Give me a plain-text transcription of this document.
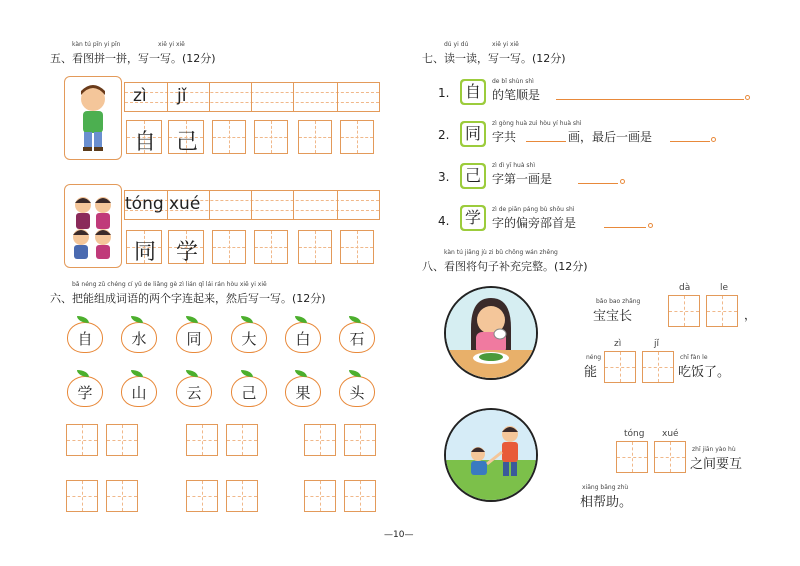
kàn tú pīn yi pīn	xiě yi xiě
五、看图拼一拼，写一写。(12分)
zì jǐ
自 己
tóng xué
同 学
bǎ néng zǔ chéng cí yǔ de liǎng gè zì lián qǐ lái rán hòu xiě yi xiě
六、把能组成词语的两个字连起来，然后写一写。(12分)
自	水	同	大	白	石
学	山	云	己	果	头
dú yi dú	xiě yi xiě
七、读一读，写一写。(12分)
1. 自
de bǐ shùn shì
的笔顺是
2. 同
zì gòng huà zuì hòu yí huà shì
字共	画，最后一画是
3. 己
zì dì yī huà shì
字第一画是
4. 学	zì de piān páng bù shǒu shì
字的偏旁部首是
kàn tú jiāng jù zi bǔ chōng wán zhěng
八、看图将句子补充完整。(12分)
bǎo bao zhǎng
宝宝长
dà	le
，
néng
能
zì	jǐ
chī fàn le
吃饭了。
tóng xué
zhī jiān yào hù
之间要互
xiāng bāng zhù
相帮助。
—10—
